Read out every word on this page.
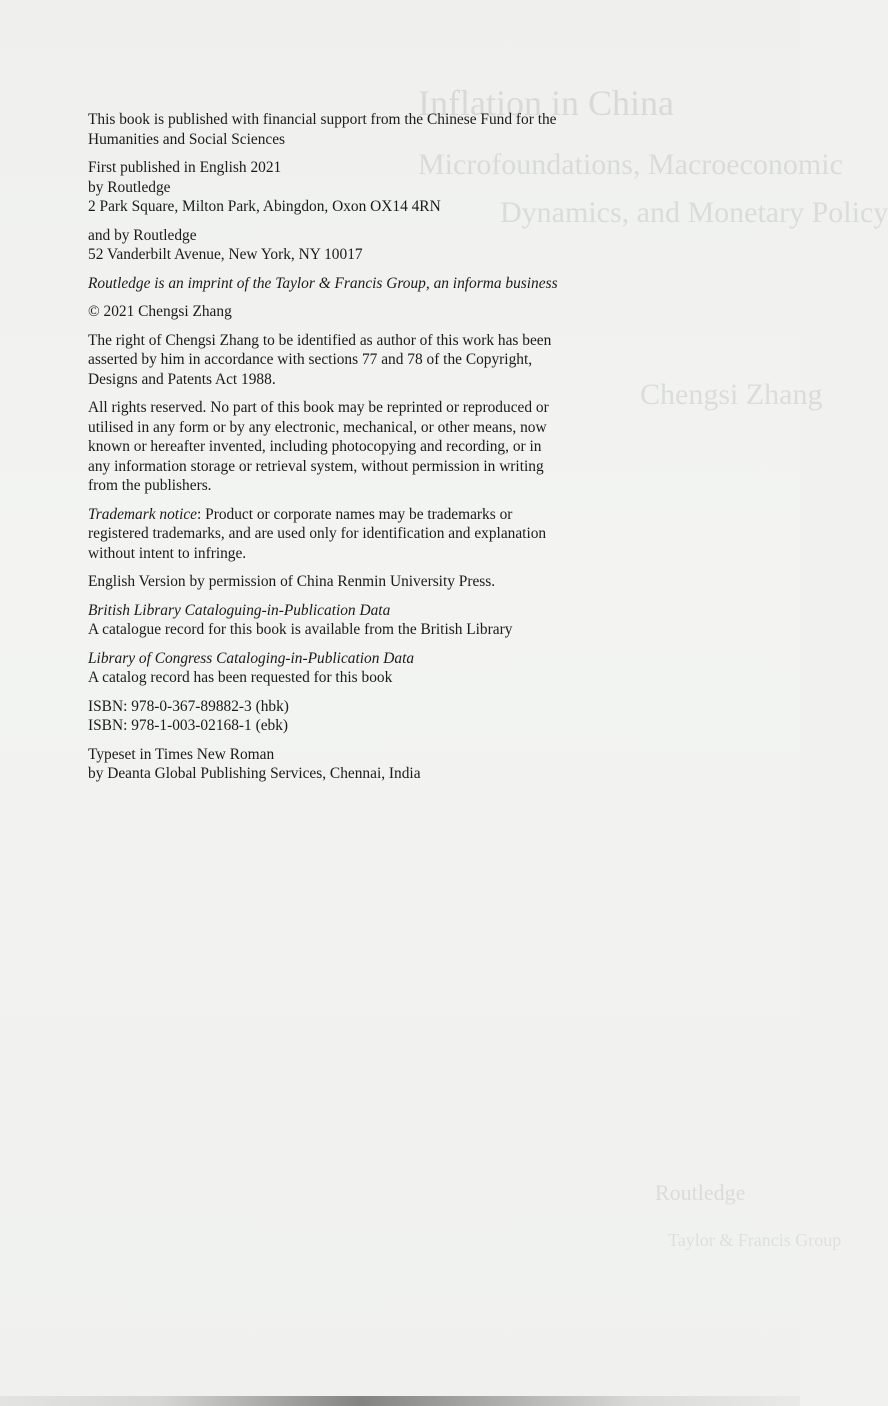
Inflation in China
Microfoundations, Macroeconomic
Dynamics, and Monetary Policy
Chengsi Zhang
Routledge
Taylor & Francis Group
This book is published with financial support from the Chinese Fund for the
Humanities and Social Sciences
First published in English 2021
by Routledge
2 Park Square, Milton Park, Abingdon, Oxon OX14 4RN
and by Routledge
52 Vanderbilt Avenue, New York, NY 10017
Routledge is an imprint of the Taylor & Francis Group, an informa business
© 2021 Chengsi Zhang
The right of Chengsi Zhang to be identified as author of this work has been
asserted by him in accordance with sections 77 and 78 of the Copyright,
Designs and Patents Act 1988.
All rights reserved. No part of this book may be reprinted or reproduced or
utilised in any form or by any electronic, mechanical, or other means, now
known or hereafter invented, including photocopying and recording, or in
any information storage or retrieval system, without permission in writing
from the publishers.
Trademark notice: Product or corporate names may be trademarks or
registered trademarks, and are used only for identification and explanation
without intent to infringe.
English Version by permission of China Renmin University Press.
British Library Cataloguing-in-Publication Data
A catalogue record for this book is available from the British Library
Library of Congress Cataloging-in-Publication Data
A catalog record has been requested for this book
ISBN: 978-0-367-89882-3 (hbk)
ISBN: 978-1-003-02168-1 (ebk)
Typeset in Times New Roman
by Deanta Global Publishing Services, Chennai, India
